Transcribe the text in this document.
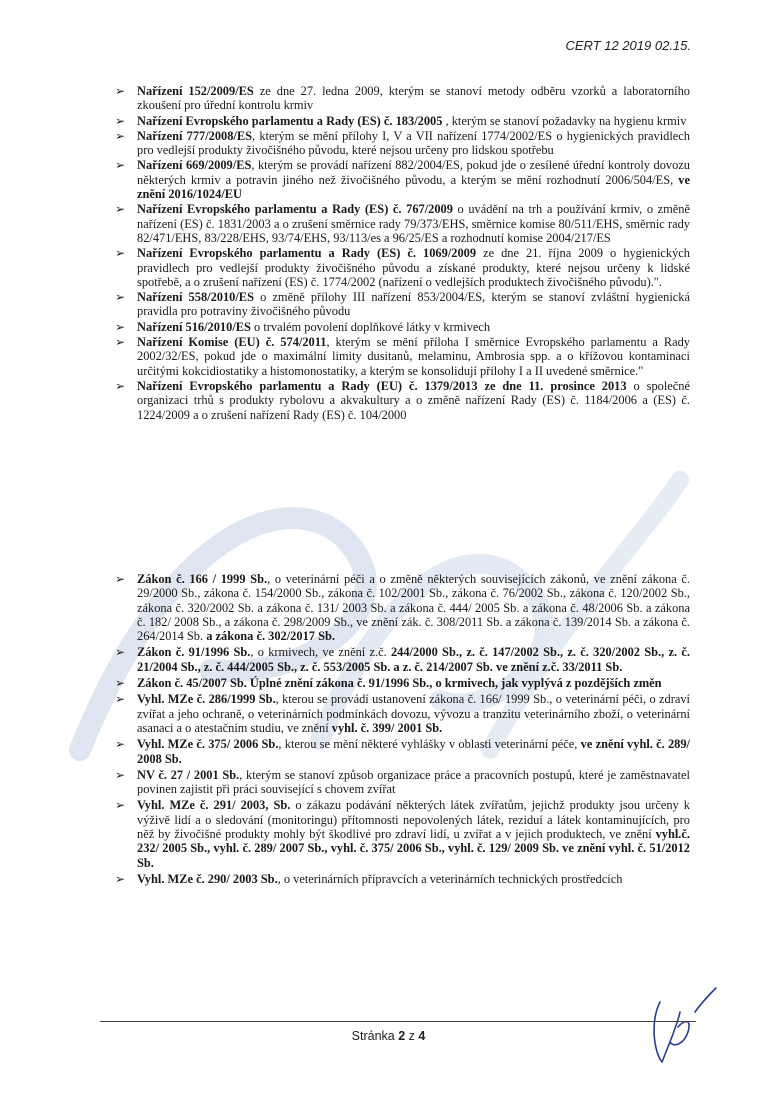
CERT 12 2019 02.15.
➢ Nařízení 152/2009/ES ze dne 27. ledna 2009, kterým se stanoví metody odběru vzorků a laboratorního zkoušení pro úřední kontrolu krmiv
➢ Nařízení Evropského parlamentu a Rady (ES) č. 183/2005 , kterým se stanoví požadavky na hygienu krmiv
➢ Nařízení 777/2008/ES, kterým se mění přílohy I, V a VII nařízení 1774/2002/ES o hygienických pravidlech pro vedlejší produkty živočišného původu, které nejsou určeny pro lidskou spotřebu
➢ Nařízení 669/2009/ES, kterým se provádí nařízení 882/2004/ES, pokud jde o zesílené úřední kontroly dovozu některých krmiv a potravin jiného než živočišného původu, a kterým se mění rozhodnutí 2006/504/ES, ve znění 2016/1024/EU
➢ Nařízení Evropského parlamentu a Rady (ES) č. 767/2009 o uvádění na trh a používání krmiv, o změně nařízení (ES) č. 1831/2003 a o zrušení směrnice rady 79/373/EHS, směrnice komise 80/511/EHS, směrnic rady 82/471/EHS, 83/228/EHS, 93/74/EHS, 93/113/es a 96/25/ES a rozhodnutí komise 2004/217/ES
➢ Nařízení Evropského parlamentu a Rady (ES) č. 1069/2009 ze dne 21. října 2009 o hygienických pravidlech pro vedlejší produkty živočišného původu a získané produkty, které nejsou určeny k lidské spotřebě, a o zrušení nařízení (ES) č. 1774/2002 (nařízení o vedlejších produktech živočišného původu).".
➢ Nařízení 558/2010/ES o změně přílohy III nařízení 853/2004/ES, kterým se stanoví zvláštní hygienická pravidla pro potraviny živočišného původu
➢ Nařízení 516/2010/ES o trvalém povolení doplňkové látky v krmivech
➢ Nařízení Komise (EU) č. 574/2011, kterým se mění příloha I směrnice Evropského parlamentu a Rady 2002/32/ES, pokud jde o maximální limity dusitanů, melaminu, Ambrosia spp. a o křížovou kontaminaci určitými kokcidiostatiky a histomonostatiky, a kterým se konsolidují přílohy I a II uvedené směrnice."
➢ Nařízení Evropského parlamentu a Rady (EU) č. 1379/2013 ze dne 11. prosince 2013 o společné organizaci trhů s produkty rybolovu a akvakultury a o změně nařízení Rady (ES) č. 1184/2006 a (ES) č. 1224/2009 a o zrušení nařízení Rady (ES) č. 104/2000
➢ Zákon č. 166 / 1999 Sb., o veterinární péči a o změně některých souvisejících zákonů, ve znění zákona č. 29/2000 Sb., zákona č. 154/2000 Sb., zákona č. 102/2001 Sb., zákona č. 76/2002 Sb., zákona č. 120/2002 Sb., zákona č. 320/2002 Sb. a zákona č. 131/ 2003 Sb. a zákona č. 444/ 2005 Sb. a zákona č. 48/2006 Sb. a zákona č. 182/ 2008 Sb., a zákona č. 298/2009 Sb., ve znění zák. č. 308/2011 Sb. a zákona č. 139/2014 Sb. a zákona č. 264/2014 Sb. a zákona č. 302/2017 Sb.
➢ Zákon č. 91/1996 Sb., o krmivech, ve znění z.č. 244/2000 Sb., z. č. 147/2002 Sb., z. č. 320/2002 Sb., z. č. 21/2004 Sb., z. č. 444/2005 Sb., z. č. 553/2005 Sb. a z. č. 214/2007 Sb. ve znění z.č. 33/2011 Sb.
➢ Zákon č. 45/2007 Sb. Úplné znění zákona č. 91/1996 Sb., o krmivech, jak vyplývá z pozdějších změn
➢ Vyhl. MZe č. 286/1999 Sb., kterou se provádí ustanovení zákona č. 166/ 1999 Sb., o veterinární péči, o zdraví zvířat a jeho ochraně, o veterinárních podmínkách dovozu, vývozu a tranzitu veterinárního zboží, o veterinární asanaci a o atestačním studiu, ve znění vyhl. č. 399/ 2001 Sb.
➢ Vyhl. MZe č. 375/ 2006 Sb., kterou se mění některé vyhlášky v oblasti veterinární péče, ve znění vyhl. č. 289/ 2008 Sb.
➢ NV č. 27 / 2001 Sb., kterým se stanoví způsob organizace práce a pracovních postupů, které je zaměstnavatel povinen zajistit při práci související s chovem zvířat
➢ Vyhl. MZe č. 291/ 2003, Sb. o zákazu podávání některých látek zvířatům, jejichž produkty jsou určeny k výživě lidí a o sledování (monitoringu) přítomnosti nepovolených látek, reziduí a látek kontaminujících, pro něž by živočišné produkty mohly být škodlivé pro zdraví lidí, u zvířat a v jejich produktech, ve znění vyhl.č. 232/ 2005 Sb., vyhl. č. 289/ 2007 Sb., vyhl. č. 375/ 2006 Sb., vyhl. č. 129/ 2009 Sb. ve znění vyhl. č. 51/2012 Sb.
➢ Vyhl. MZe č. 290/ 2003 Sb., o veterinárních přípravcích a veterinárních technických prostředcích
Stránka 2 z 4
